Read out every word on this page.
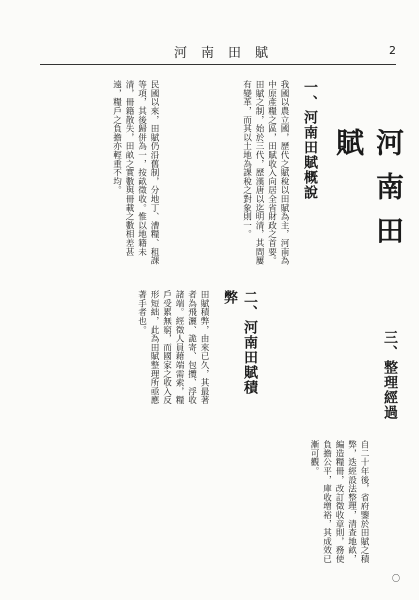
河南田賦	2
河南田賦
一、河南田賦概說
我國以農立國，歷代之賦稅以田賦為主，河南為中原產糧之區，田賦收入向居全省財政之首要。田賦之制，始於三代，歷漢唐以迄明清，其間屢有變革，而其以土地為課稅之對象則一。
民國以來，田賦仍沿舊制，分地丁、漕糧、租課等項，其後歸併為一，按畝徵收。惟以地籍未清，冊籍散失，田畝之實數與冊載之數相差甚遠，糧戶之負擔亦輕重不均。
二、河南田賦積弊
田賦積弊，由來已久，其最著者為飛灑、詭寄、包攬、浮收諸端。經徵人員藉端需索，糧戶受累無窮，而國家之收入反形短絀，此為田賦整理所亟應著手者也。
三、整理經過
自二十年後，省府鑒於田賦之積弊，迭經設法整理，清查地畝，編造糧冊，改訂徵收章則，務使負擔公平，庫收增裕，其成效已漸可觀。
〇
